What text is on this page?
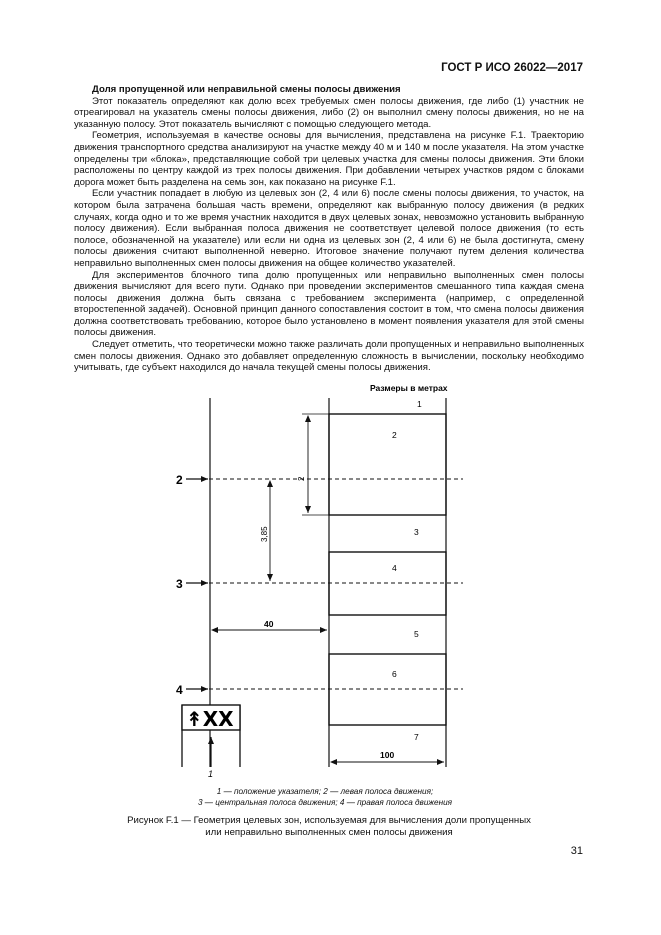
ГОСТ Р ИСО 26022—2017

Доля пропущенной или неправильной смены полосы движения

Этот показатель определяют как долю всех требуемых смен полосы движения, где либо (1) участник не отреагировал на указатель смены полосы движения, либо (2) он выполнил смену полосы движения, но не на указанную полосу. Этот показатель вычисляют с помощью следующего метода.

Геометрия, используемая в качестве основы для вычисления, представлена на рисунке F.1. Траекторию движения транспортного средства анализируют на участке между 40 м и 140 м после указателя. На этом участке определены три «блока», представляющие собой три целевых участка для смены полосы движения. Эти блоки расположены по центру каждой из трех полосы движения. При добавлении четырех участков рядом с блоками дорога может быть разделена на семь зон, как показано на рисунке F.1.

Если участник попадает в любую из целевых зон (2, 4 или 6) после смены полосы движения, то участок, на котором была затрачена большая часть времени, определяют как выбранную полосу движения (в редких случаях, когда одно и то же время участник находится в двух целевых зонах, невозможно установить выбранную полосу движения). Если выбранная полоса движения не соответствует целевой полосе движения (то есть полосе, обозначенной на указателе) или если ни одна из целевых зон (2, 4 или 6) не была достигнута, смену полосы движения считают выполненной неверно. Итоговое значение получают путем деления количества неправильно выполненных смен полосы движения на общее количество указателей.

Для экспериментов блочного типа долю пропущенных или неправильно выполненных смен полосы движения вычисляют для всего пути. Однако при проведении экспериментов смешанного типа каждая смена полосы движения должна быть связана с требованием эксперимента (например, с определенной второстепенной задачей). Основной принцип данного сопоставления состоит в том, что смена полосы движения должна соответствовать требованию, которое было установлено в момент появления указателя для этой смены полосы движения.

Следует отметить, что теоретически можно также различать доли пропущенных и неправильно выполненных смен полосы движения. Однако это добавляет определенную сложность в вычислении, поскольку необходимо учитывать, где субъект находился до начала текущей смены полосы движения.

Размеры в метрах
1
2
3
4
5
6
7
2
3
4
2
3,85
40
100
↟XX
1
1 — положение указателя; 2 — левая полоса движения;
3 — центральная полоса движения; 4 — правая полоса движения
Рисунок F.1 — Геометрия целевых зон, используемая для вычисления доли пропущенных
или неправильно выполненных смен полосы движения
31
